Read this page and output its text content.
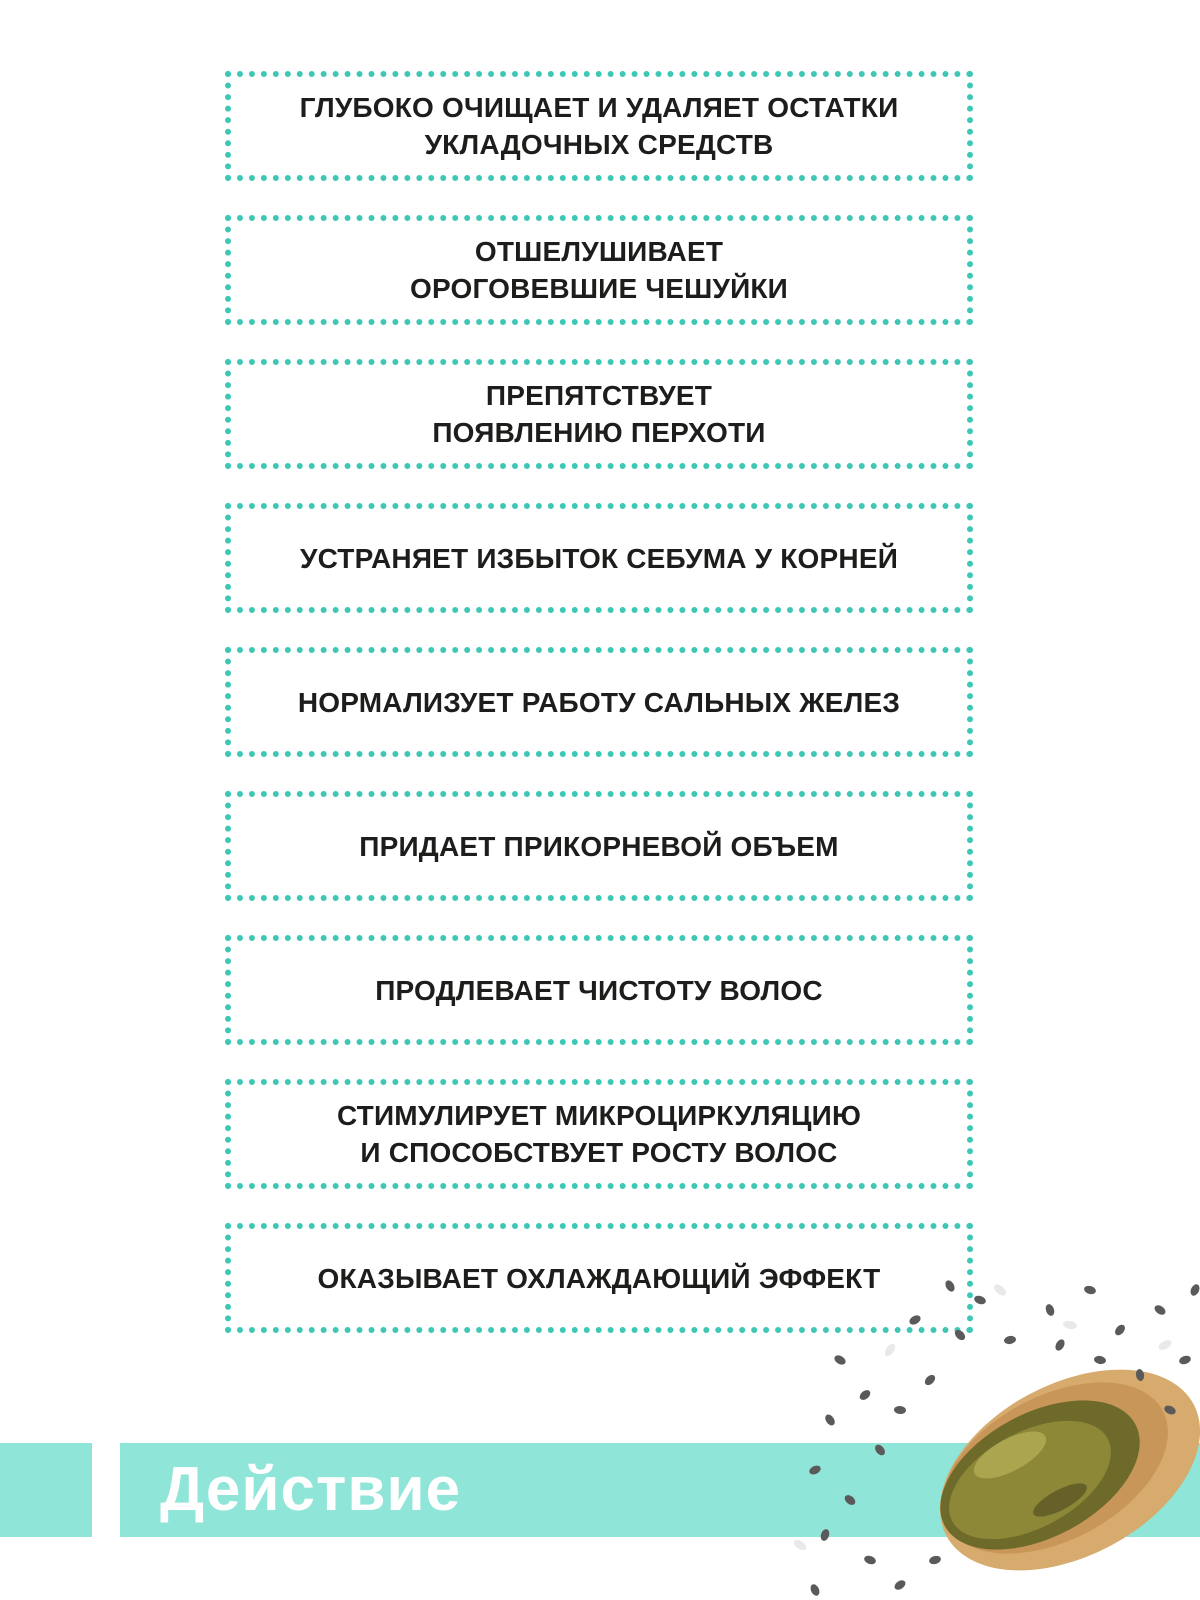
ГЛУБОКО ОЧИЩАЕТ И УДАЛЯЕТ ОСТАТКИ
УКЛАДОЧНЫХ СРЕДСТВ
ОТШЕЛУШИВАЕТ
ОРОГОВЕВШИЕ ЧЕШУЙКИ
ПРЕПЯТСТВУЕТ
ПОЯВЛЕНИЮ ПЕРХОТИ
УСТРАНЯЕТ ИЗБЫТОК СЕБУМА У КОРНЕЙ
НОРМАЛИЗУЕТ РАБОТУ САЛЬНЫХ ЖЕЛЕЗ
ПРИДАЕТ ПРИКОРНЕВОЙ ОБЪЕМ
ПРОДЛЕВАЕТ ЧИСТОТУ ВОЛОС
СТИМУЛИРУЕТ МИКРОЦИРКУЛЯЦИЮ
И СПОСОБСТВУЕТ РОСТУ ВОЛОС
ОКАЗЫВАЕТ ОХЛАЖДАЮЩИЙ ЭФФЕКТ
Действие
